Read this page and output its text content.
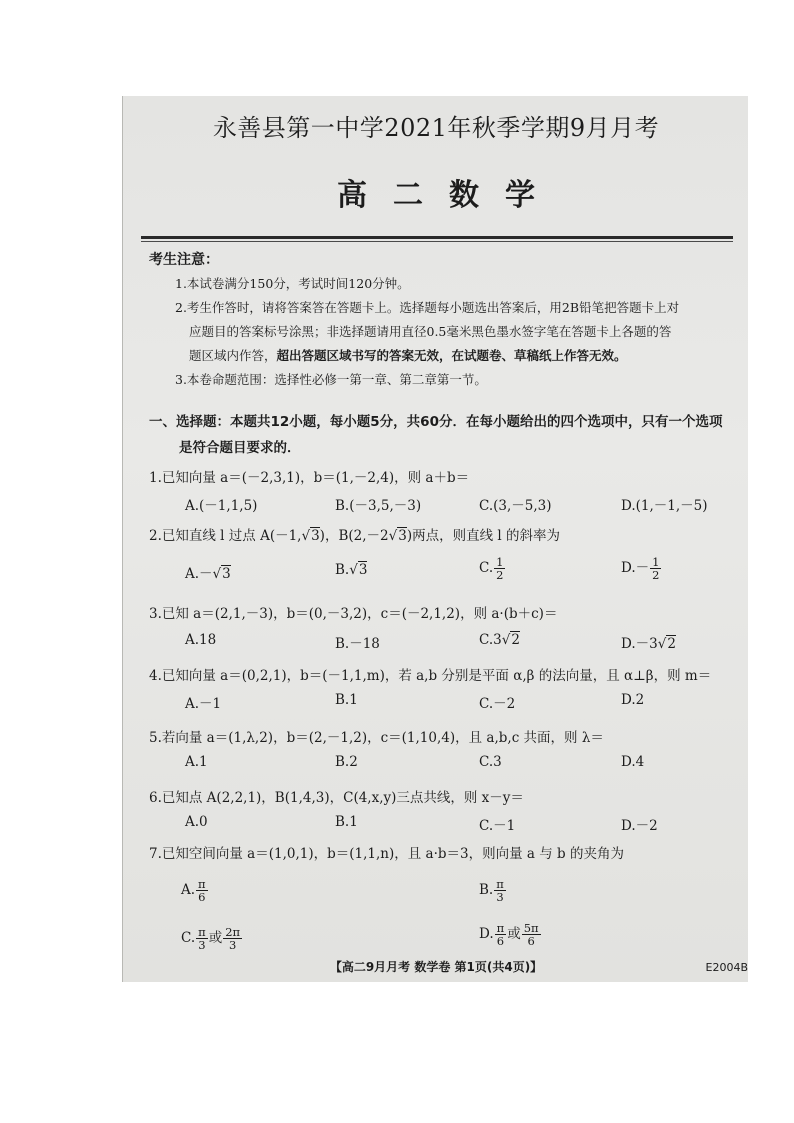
永善县第一中学2021年秋季学期9月月考
高二数学
考生注意：
1.本试卷满分150分，考试时间120分钟。
2.考生作答时，请将答案答在答题卡上。选择题每小题选出答案后，用2B铅笔把答题卡上对
应题目的答案标号涂黑；非选择题请用直径0.5毫米黑色墨水签字笔在答题卡上各题的答
题区域内作答，超出答题区域书写的答案无效，在试题卷、草稿纸上作答无效。
3.本卷命题范围：选择性必修一第一章、第二章第一节。
一、选择题：本题共12小题，每小题5分，共60分．在每小题给出的四个选项中，只有一个选项
是符合题目要求的．
1.已知向量 a＝(－2,3,1)，b＝(1,－2,4)，则 a＋b＝
A.(－1,1,5)	B.(－3,5,－3)	C.(3,－5,3)	D.(1,－1,－5)
2.已知直线 l 过点 A(－1,√3)，B(2,－2√3)两点，则直线 l 的斜率为
A.－√3	B.√3	C. $\frac{1}{2}$	$D.- \frac{1}{2}$
3.已知 a＝(2,1,－3)，b＝(0,－3,2)，c＝(－2,1,2)，则 a·(b＋c)＝
A.18	B.－18	C.3√2	D.－3√2
4.已知向量 a＝(0,2,1)，b＝(－1,1,m)，若 a,b 分别是平面 α,β 的法向量，且 α⊥β，则 m＝
A.－1	B.1	C.－2	D.2
5.若向量 a＝(1,λ,2)，b＝(2,－1,2)，c＝(1,10,4)，且 a,b,c 共面，则 λ＝
A.1	B.2	C.3	D.4
6.已知点 A(2,2,1)，B(1,4,3)，C(4,x,y)三点共线，则 x－y＝
A.0	B.1	C.－1	D.－2
7.已知空间向量 a＝(1,0,1)，b＝(1,1,n)，且 a·b＝3，则向量 a 与 b 的夹角为
A. $\frac{\pi}{6}$	B. $\frac{\pi}{3}$
C. $\frac{\pi}{3}$ 或 $\frac{2\pi}{3}$	D. $\frac{\pi}{6}$ 或 $\frac{5\pi}{6}$
【高二9月月考 数学卷 第1页(共4页)】	E2004B
